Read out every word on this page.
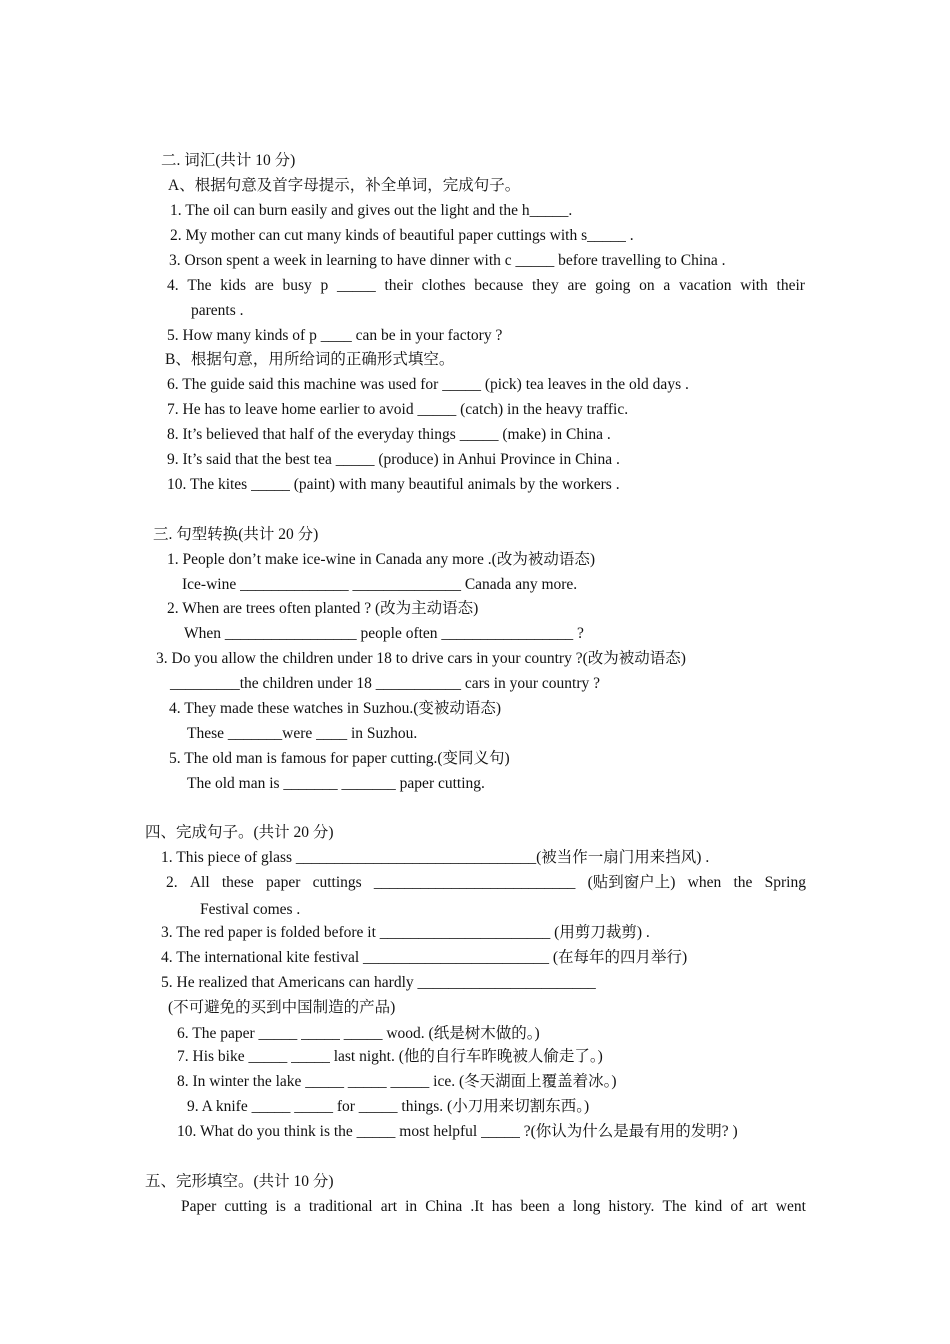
二. 词汇(共计 10 分)
A、根据句意及首字母提示，补全单词，完成句子。
1. The oil can burn easily and gives out the light and the h_____.
2. My mother can cut many kinds of beautiful paper cuttings with s_____ .
3. Orson spent a week in learning to have dinner with c _____ before travelling to China .
4. The kids are busy p _____ their clothes because they are going on a vacation with their
parents .
5. How many kinds of p ____ can be in your factory ?
B、根据句意，用所给词的正确形式填空。
6. The guide said this machine was used for _____ (pick) tea leaves in the old days .
7. He has to leave home earlier to avoid _____ (catch) in the heavy traffic.
8. It’s believed that half of the everyday things _____ (make) in China .
9. It’s said that the best tea _____ (produce) in Anhui Province in China .
10. The kites _____ (paint) with many beautiful animals by the workers .
三. 句型转换(共计 20 分)
1. People don’t make ice-wine in Canada any more .(改为被动语态)
Ice-wine ______________ ______________ Canada any more.
2. When are trees often planted ? (改为主动语态)
When _________________ people often _________________ ?
3. Do you allow the children under 18 to drive cars in your country ?(改为被动语态)
_________the children under 18 ___________ cars in your country ?
4. They made these watches in Suzhou.(变被动语态)
These _______were ____ in Suzhou.
5. The old man is famous for paper cutting.(变同义句)
The old man is _______ _______ paper cutting.
四、完成句子。(共计 20 分)
1. This piece of glass _______________________________(被当作一扇门用来挡风) .
2. All these paper cuttings __________________________ (贴到窗户上) when the Spring
Festival comes .
3. The red paper is folded before it ______________________ (用剪刀裁剪) .
4. The international kite festival ________________________ (在每年的四月举行)
5. He realized that Americans can hardly _______________________
(不可避免的买到中国制造的产品)
6. The paper _____ _____ _____ wood. (纸是树木做的。)
7. His bike _____ _____ last night. (他的自行车昨晚被人偷走了。)
8. In winter the lake _____ _____ _____ ice. (冬天湖面上覆盖着冰。)
9. A knife _____ _____ for _____ things. (小刀用来切割东西。)
10. What do you think is the _____ most helpful _____ ?(你认为什么是最有用的发明? )
五、完形填空。(共计 10 分)
Paper cutting is a traditional art in China .It has been a long history. The kind of art went
